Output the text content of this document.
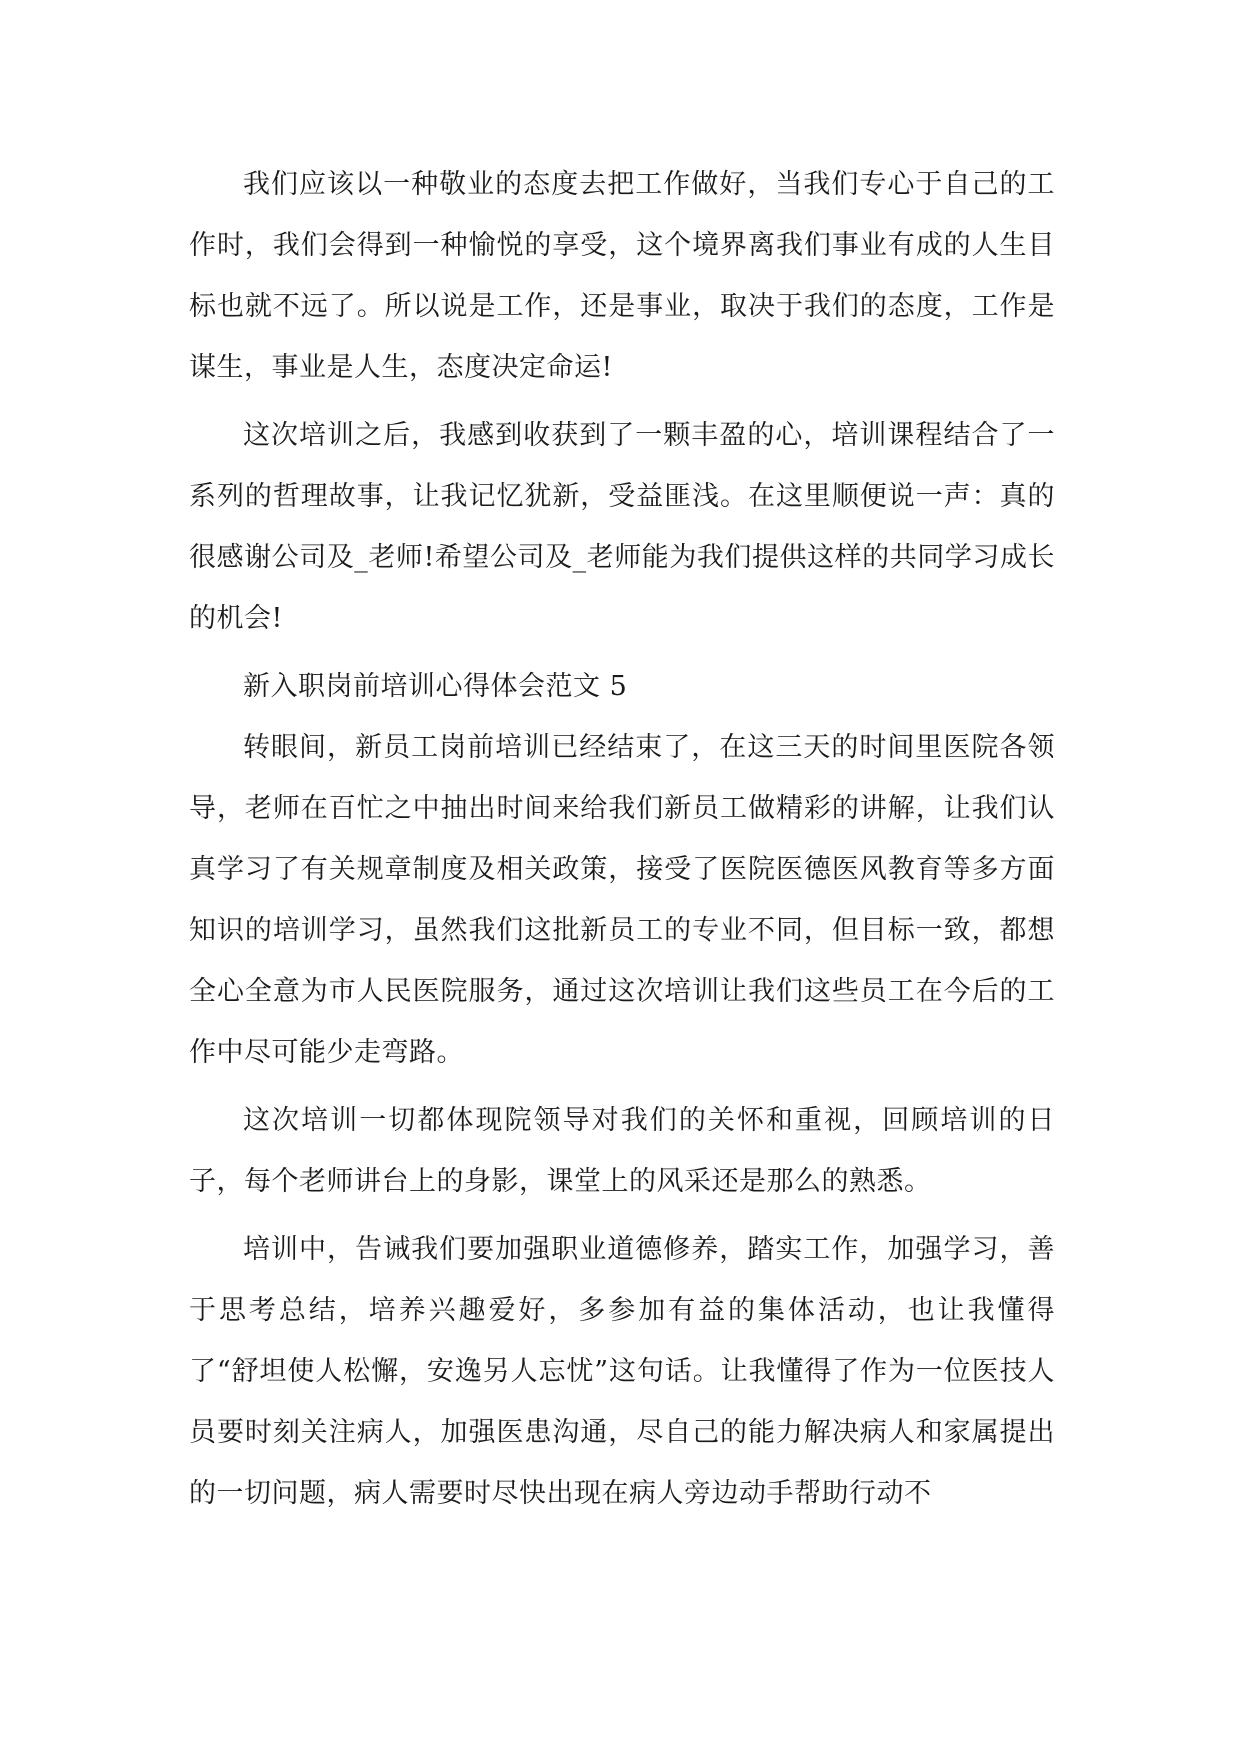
我们应该以一种敬业的态度去把工作做好，当我们专心于自己的工作时，我们会得到一种愉悦的享受，这个境界离我们事业有成的人生目标也就不远了。所以说是工作，还是事业，取决于我们的态度，工作是谋生，事业是人生，态度决定命运!

这次培训之后，我感到收获到了一颗丰盈的心，培训课程结合了一系列的哲理故事，让我记忆犹新，受益匪浅。在这里顺便说一声：真的很感谢公司及_老师!希望公司及_老师能为我们提供这样的共同学习成长的机会!

新入职岗前培训心得体会范文 5

转眼间，新员工岗前培训已经结束了，在这三天的时间里医院各领导，老师在百忙之中抽出时间来给我们新员工做精彩的讲解，让我们认真学习了有关规章制度及相关政策，接受了医院医德医风教育等多方面知识的培训学习，虽然我们这批新员工的专业不同，但目标一致，都想全心全意为市人民医院服务，通过这次培训让我们这些员工在今后的工作中尽可能少走弯路。

这次培训一切都体现院领导对我们的关怀和重视，回顾培训的日子，每个老师讲台上的身影，课堂上的风采还是那么的熟悉。

培训中，告诫我们要加强职业道德修养，踏实工作，加强学习，善于思考总结，培养兴趣爱好，多参加有益的集体活动，也让我懂得了“舒坦使人松懈，安逸另人忘忧”这句话。让我懂得了作为一位医技人员要时刻关注病人，加强医患沟通，尽自己的能力解决病人和家属提出的一切问题，病人需要时尽快出现在病人旁边动手帮助行动不
